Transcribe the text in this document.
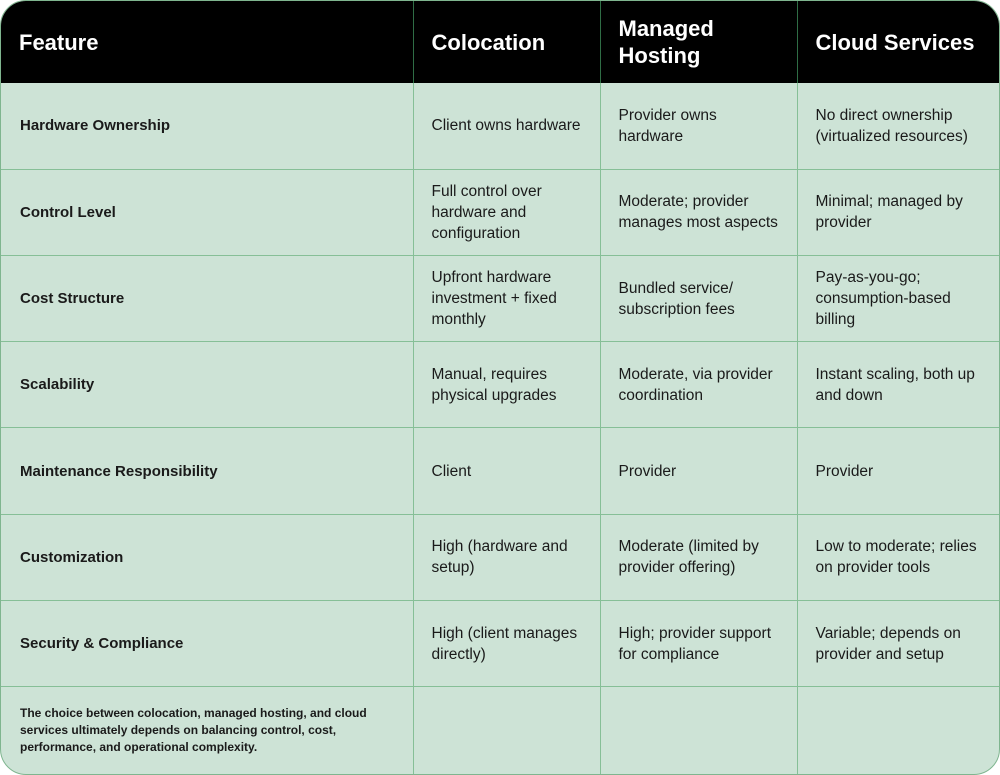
Feature	Colocation	Managed Hosting	Cloud Services
Hardware Ownership	Client owns hardware	Provider owns hardware	No direct ownership (virtualized resources)
Control Level	Full control over hardware and configuration	Moderate; provider manages most aspects	Minimal; managed by provider
Cost Structure	Upfront hardware investment + fixed monthly	Bundled service/ subscription fees	Pay-as-you-go; consumption-based billing
Scalability	Manual, requires physical upgrades	Moderate, via provider coordination	Instant scaling, both up and down
Maintenance Responsibility	Client	Provider	Provider
Customization	High (hardware and setup)	Moderate (limited by provider offering)	Low to moderate; relies on provider tools
Security & Compliance	High (client manages directly)	High; provider support for compliance	Variable; depends on provider and setup
The choice between colocation, managed hosting, and cloud services ultimately depends on balancing control, cost, performance, and operational complexity.			
